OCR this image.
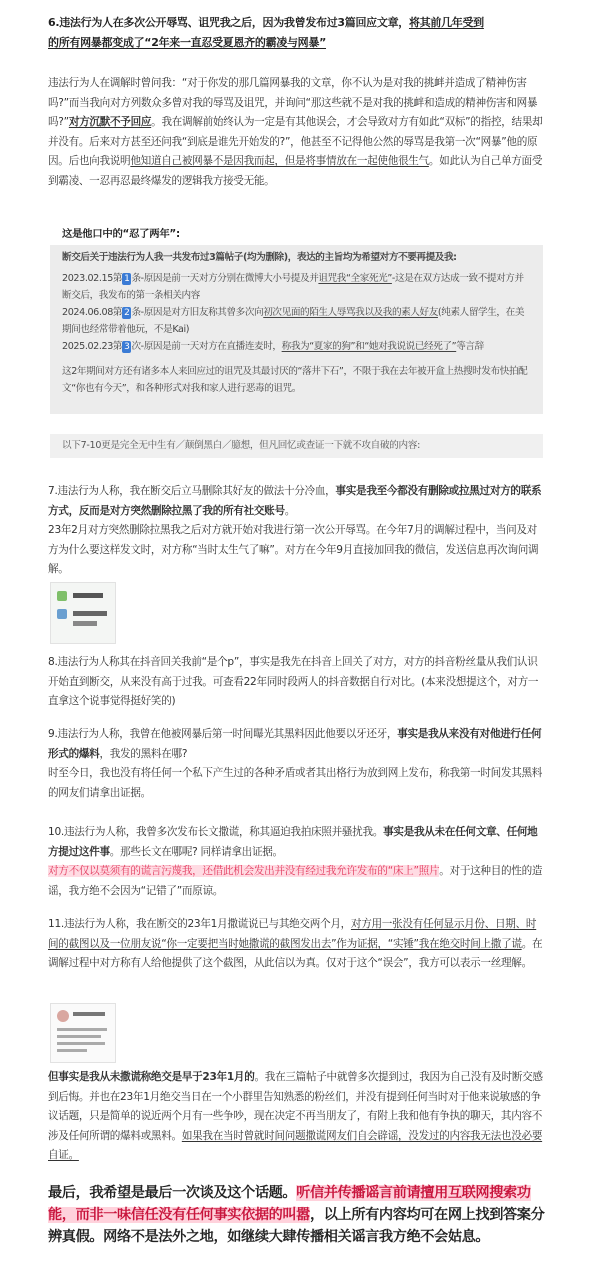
6.违法行为人在多次公开辱骂、诅咒我之后，因为我曾发布过3篇回应文章，将其前几年受到
的所有网暴都变成了“2年来一直忍受夏恩齐的霸凌与网暴”
违法行为人在调解时曾问我：“对于你发的那几篇网暴我的文章，你不认为是对我的挑衅并造成了精神伤害吗?”而当我向对方列数众多曾对我的辱骂及诅咒，并询问“那这些就不是对我的挑衅和造成的精神伤害和网暴吗?”对方沉默不予回应。我在调解前始终认为一定是有其他误会，才会导致对方有如此“双标”的指控，结果却并没有。后来对方甚至还问我“到底是谁先开始发的?”，他甚至不记得他公然的辱骂是我第一次“网暴”他的原因。后也向我说明他知道自己被网暴不是因我而起，但是将事情放在一起使他很生气。如此认为自己单方面受到霸凌、一忍再忍最终爆发的逻辑我方接受无能。
这是他口中的“忍了两年”:
断交后关于违法行为人我一共发布过3篇帖子(均为删除)，表达的主旨均为希望对方不要再提及我:
2023.02.15第 1 条-原因是前一天对方分别在微博大小号提及并诅咒我“全家死光”-这是在双方达成一致不提对方并断交后，我发布的第一条相关内容
2024.06.08第 2 条-原因是对方旧友称其曾多次向初次见面的陌生人辱骂我以及我的素人好友(纯素人留学生，在美期间也经常带着他玩，不是Kai)
2025.02.23第 3 次-原因是前一天对方在直播连麦时，称我为“夏家的狗”和“她对我说说已经死了”等言辞
这2年期间对方还有诸多本人来回应过的诅咒及其最讨厌的“落井下石”，不限于我在去年被开盒上热搜时发布快拍配文“你也有今天”，和各种形式对我和家人进行恶毒的诅咒。
以下7-10更是完全无中生有／颠倒黑白／臆想，但凡回忆或查证一下就不攻自破的内容:
7.违法行为人称，我在断交后立马删除其好友的做法十分冷血，事实是我至今都没有删除或拉黑过对方的联系方式，反而是对方突然删除拉黑了我的所有社交账号。
23年2月对方突然删除拉黑我之后对方就开始对我进行第一次公开辱骂。在今年7月的调解过程中，当问及对方为什么要这样发文时，对方称“当时太生气了嘛”。对方在今年9月直接加回我的微信，发送信息再次询问调解。
8.违法行为人称其在抖音回关我前“是个p”，事实是我先在抖音上回关了对方，对方的抖音粉丝量从我们认识开始直到断交，从来没有高于过我。可查看22年同时段两人的抖音数据自行对比。(本来没想提这个，对方一直拿这个说事觉得挺好笑的)
9.违法行为人称，我曾在他被网暴后第一时间曝光其黑料因此他要以牙还牙，事实是我从来没有对他进行任何形式的爆料，我发的黑料在哪?
时至今日，我也没有将任何一个私下产生过的各种矛盾或者其出格行为放到网上发布，称我第一时间发其黑料的网友们请拿出证据。
10.违法行为人称，我曾多次发布长文撒谎，称其逼迫我拍床照并骚扰我。事实是我从未在任何文章、任何地方提过这件事。那些长文在哪呢? 同样请拿出证据。
对方不仅以莫须有的谎言污蔑我，还借此机会发出并没有经过我允许发布的“床上”照片。对于这种目的性的造谣，我方绝不会因为“记错了”而原谅。
11.违法行为人称，我在断交的23年1月撒谎说已与其绝交两个月，对方用一张没有任何显示月份、日期、时间的截图以及一位朋友说“你一定要把当时她撒谎的截图发出去”作为证据，“实锤”我在绝交时间上撒了谎。在调解过程中对方称有人给他提供了这个截图，从此信以为真。仅对于这个“误会”，我方可以表示一丝理解。
但事实是我从未撒谎称绝交是早于23年1月的。我在三篇帖子中就曾多次提到过，我因为自己没有及时断交感到后悔。并也在23年1月绝交当日在一个小群里告知熟悉的粉丝们，并没有提到任何当时对于他来说敏感的争议话题，只是简单的说近两个月有一些争吵，现在决定不再当朋友了，有附上我和他有争执的聊天，其内容不涉及任何所谓的爆料或黑料。如果我在当时曾就时间问题撒谎网友们自会辟谣，没发过的内容我无法也没必要自证。
最后，我希望是最后一次谈及这个话题。听信并传播谣言前请擅用互联网搜索功能，而非一味信任没有任何事实依据的叫嚣，以上所有内容均可在网上找到答案分辨真假。网络不是法外之地，如继续大肆传播相关谣言我方绝不会姑息。
